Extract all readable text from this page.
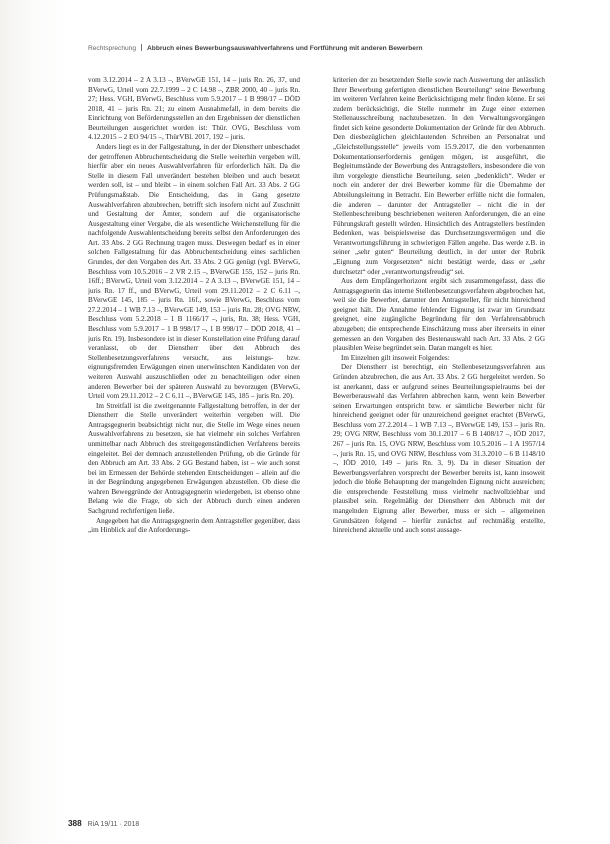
Rechtsprechung Abbruch eines Bewerbungsauswahlverfahrens und Fortführung mit anderen Bewerbern

vom 3.12.2014 – 2 A 3.13 –, BVerwGE 151, 14 – juris Rn. 26, 37, und BVerwG, Urteil vom 22.7.1999 – 2 C 14.98 –, ZBR 2000, 40 – juris Rn. 27; Hess. VGH, BVerwG, Beschluss vom 5.9.2017 – 1 B 998/17 – DÖD 2018, 41 – juris Rn. 21; zu einem Ausnahmefall, in dem bereits die Einrichtung von Beförderungsstellen an den Ergebnissen der dienstlichen Beurteilungen ausgerichtet worden ist: Thür. OVG, Beschluss vom 4.12.2015 – 2 EO 94/15 –, ThürVBl. 2017, 192 – juris.

Anders liegt es in der Fallgestaltung, in der der Dienstherr unbeschadet der getroffenen Abbruchentscheidung die Stelle weiterhin vergeben will, hierfür aber ein neues Auswahlverfahren für erforderlich hält. Da die Stelle in diesem Fall unverändert bestehen bleiben und auch besetzt werden soll, ist – und bleibt – in einem solchen Fall Art. 33 Abs. 2 GG Prüfungsmaßstab. Die Entscheidung, das in Gang gesetzte Auswahlverfahren abzubrechen, betrifft sich insofern nicht auf Zuschnitt und Gestaltung der Ämter, sondern auf die organisatorische Ausgestaltung einer Vergabe, die als wesentliche Weichenstellung für die nachfolgende Auswahlentscheidung bereits selbst den Anforderungen des Art. 33 Abs. 2 GG Rechnung tragen muss. Deswegen bedarf es in einer solchen Fallgestaltung für das Abbruchentscheidung eines sachlichen Grundes, der den Vorgaben des Art. 33 Abs. 2 GG genügt (vgl. BVerwG, Beschluss vom 10.5.2016 – 2 VR 2.15 –, BVerwGE 155, 152 – juris Rn. 16ff.; BVerwG, Urteil vom 3.12.2014 – 2 A 3.13 –, BVerwGE 151, 14 – juris Rn. 17 ff., und BVerwG, Urteil vom 29.11.2012 – 2 C 6.11 –, BVerwGE 145, 185 – juris Rn. 16f., sowie BVerwG, Beschluss vom 27.2.2014 – 1 WB 7.13 –, BVerwGE 149, 153 – juris Rn. 28; OVG NRW, Beschluss vom 5.2.2018 – 1 B 1166/17 –, juris, Rn. 38; Hess. VGH, Beschluss vom 5.9.2017 – 1 B 998/17 –, 1 B 998/17 – DÖD 2018, 41 – juris Rn. 19). Insbesondere ist in dieser Konstellation eine Prüfung darauf veranlasst, ob der Dienstherr über den Abbruch des Stellenbesetzungsverfahrens versucht, aus leistungs- bzw. eignungsfremden Erwägungen einen unerwünschten Kandidaten von der weiteren Auswahl auszuschließen oder zu benachteiligen oder einen anderen Bewerber bei der späteren Auswahl zu bevorzugen (BVerwG, Urteil vom 29.11.2012 – 2 C 6.11 –, BVerwGE 145, 185 – juris Rn. 20).

Im Streitfall ist die zweitgenannte Fallgestaltung betroffen, in der der Dienstherr die Stelle unverändert weiterhin vergeben will. Die Antragsgegnerin beabsichtigt nicht nur, die Stelle im Wege eines neuen Auswahlverfahrens zu besetzen, sie hat vielmehr ein solches Verfahren unmittelbar nach Abbruch des streitgegenständlichen Verfahrens bereits eingeleitet. Bei der demnach anzustellenden Prüfung, ob die Gründe für den Abbruch am Art. 33 Abs. 2 GG Bestand haben, ist – wie auch sonst bei im Ermessen der Behörde stehenden Entscheidungen – allein auf die in der Begründung angegebenen Erwägungen abzustellen. Ob diese die wahren Beweggründe der Antragsgegnerin wiedergeben, ist ebenso ohne Belang wie die Frage, ob sich der Abbruch durch einen anderen Sachgrund rechtfertigen ließe.

Angegeben hat die Antragsgegnerin dem Antragsteller gegenüber, dass „im Hinblick auf die Anforderungs-

kriterien der zu besetzenden Stelle sowie nach Auswertung der anlässlich Ihrer Bewerbung gefertigten dienstlichen Beurteilung“ seine Bewerbung im weiteren Verfahren keine Berücksichtigung mehr finden könne. Er sei zudem berücksichtigt, die Stelle nunmehr im Zuge einer externen Stellenausschreibung nachzubesetzen. In den Verwaltungsvorgängen findet sich keine gesonderte Dokumentation der Gründe für den Abbruch. Den diesbezüglichen gleichlautenden Schreiben an Personalrat und „Gleichstellungsstelle“ jeweils vom 15.9.2017, die den vorbenannten Dokumentationserfordernis genügen mögen, ist ausgeführt, die Begleitumstände der Bewerbung des Antragstellers, insbesondere die von ihm vorgelegte dienstliche Beurteilung, seien „bedenklich“. Weder er noch ein anderer der drei Bewerber komme für die Übernahme der Abteilungsleitung in Betracht. Ein Bewerber erfülle nicht die formalen, die anderen – darunter der Antragsteller – nicht die in der Stellenbeschreibung beschriebenen weiteren Anforderungen, die an eine Führungskraft gestellt würden. Hinsichtlich des Antragstellers bestünden Bedenken, was beispielsweise das Durchsetzungsvermögen und die Verantwortungsführung in schwierigen Fällen angehe. Das werde z.B. in seiner „sehr guten“ Beurteilung deutlich, in der unter der Rubrik „Eignung zum Vorgesetzten“ nicht bestätigt werde, dass er „sehr durchsetzt“ oder „verantwortungsfreudig“ sei.

Aus dem Empfängerhorizont ergibt sich zusammengefasst, dass die Antragsgegnerin das interne Stellenbesetzungsverfahren abgebrochen hat, weil sie die Bewerber, darunter den Antragsteller, für nicht hinreichend geeignet hält. Die Annahme fehlender Eignung ist zwar im Grundsatz geeignet, eine zugängliche Begründung für den Verfahrensabbruch abzugeben; die entsprechende Einschätzung muss aber ihrerseits in einer gemessen an den Vorgaben des Bestenauswahl nach Art. 33 Abs. 2 GG plausiblen Weise begründet sein. Daran mangelt es hier.

Im Einzelnen gilt insoweit Folgendes:

Der Dienstherr ist berechtigt, ein Stellenbesetzungsverfahren aus Gründen abzubrechen, die aus Art. 33 Abs. 2 GG hergeleitet werden. So ist anerkannt, dass er aufgrund seines Beurteilungsspielraums bei der Bewerberauswahl das Verfahren abbrechen kann, wenn kein Bewerber seinen Erwartungen entspricht bzw. er sämtliche Bewerber nicht für hinreichend geeignet oder für unzureichend geeignet erachtet (BVerwG, Beschluss vom 27.2.2014 – 1 WB 7.13 –, BVerwGE 149, 153 – juris Rn. 29; OVG NRW, Beschluss vom 30.1.2017 – 6 B 1408/17 –, IÖD 2017, 267 – juris Rn. 15, OVG NRW, Beschluss vom 10.5.2016 – 1 A 1957/14 –, juris Rn. 15, und OVG NRW, Beschluss vom 31.3.2010 – 6 B 1148/10 –, IÖD 2010, 149 – juris Rn. 3, 9). Da in dieser Situation der Bewerbungsverfahren vorsprecht der Bewerber bereits ist, kann insoweit jedoch die bloße Behauptung der mangelnden Eignung nicht ausreichen; die entsprechende Feststellung muss vielmehr nachvollziehbar und plausibel sein. Regelmäßig der Dienstherr den Abbruch mit der mangelnden Eignung aller Bewerber, muss er sich – allgemeinen Grundsätzen folgend – hierfür zunächst auf rechtmäßig erstellte, hinreichend aktuelle und auch sonst aussage-

388 RiA 19/11 · 2018
